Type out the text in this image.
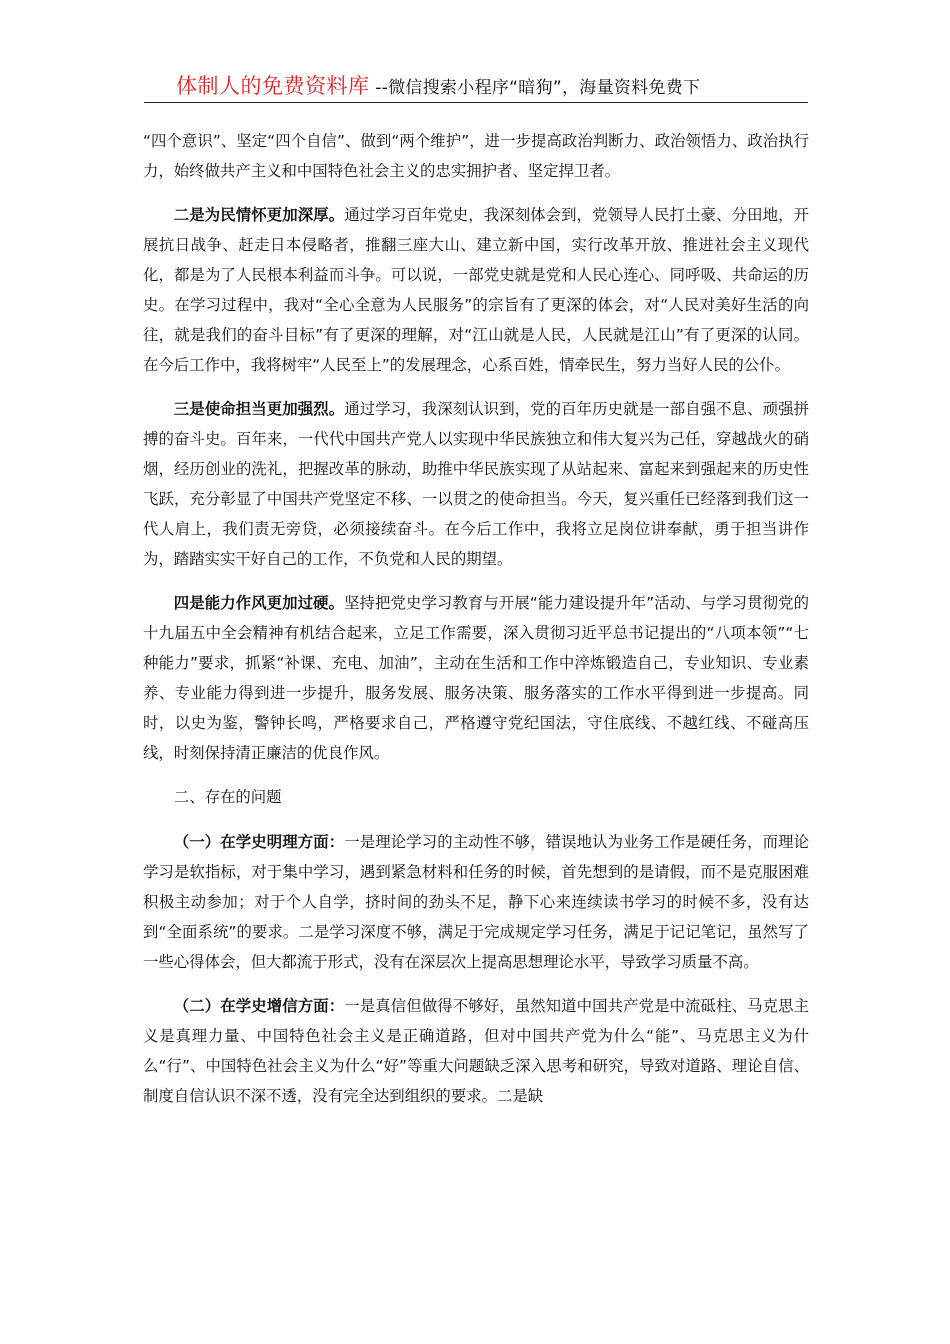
体制人的免费资料库 --微信搜索小程序“暗狗”，海量资料免费下

“四个意识”、坚定“四个自信”、做到“两个维护”，进一步提高政治判断力、政治领悟力、政治执行力，始终做共产主义和中国特色社会主义的忠实拥护者、坚定捍卫者。

二是为民情怀更加深厚。通过学习百年党史，我深刻体会到，党领导人民打土豪、分田地，开展抗日战争、赶走日本侵略者，推翻三座大山、建立新中国，实行改革开放、推进社会主义现代化，都是为了人民根本利益而斗争。可以说，一部党史就是党和人民心连心、同呼吸、共命运的历史。在学习过程中，我对“全心全意为人民服务”的宗旨有了更深的体会，对“人民对美好生活的向往，就是我们的奋斗目标”有了更深的理解，对“江山就是人民，人民就是江山”有了更深的认同。在今后工作中，我将树牢“人民至上”的发展理念，心系百姓，情牵民生，努力当好人民的公仆。

三是使命担当更加强烈。通过学习，我深刻认识到，党的百年历史就是一部自强不息、顽强拼搏的奋斗史。百年来，一代代中国共产党人以实现中华民族独立和伟大复兴为己任，穿越战火的硝烟，经历创业的洗礼，把握改革的脉动，助推中华民族实现了从站起来、富起来到强起来的历史性飞跃，充分彰显了中国共产党坚定不移、一以贯之的使命担当。今天，复兴重任已经落到我们这一代人肩上，我们责无旁贷，必须接续奋斗。在今后工作中，我将立足岗位讲奉献，勇于担当讲作为，踏踏实实干好自己的工作，不负党和人民的期望。

四是能力作风更加过硬。坚持把党史学习教育与开展“能力建设提升年”活动、与学习贯彻党的十九届五中全会精神有机结合起来，立足工作需要，深入贯彻习近平总书记提出的“八项本领”“七种能力”要求，抓紧“补课、充电、加油”，主动在生活和工作中淬炼锻造自己，专业知识、专业素养、专业能力得到进一步提升，服务发展、服务决策、服务落实的工作水平得到进一步提高。同时，以史为鉴，警钟长鸣，严格要求自己，严格遵守党纪国法，守住底线、不越红线、不碰高压线，时刻保持清正廉洁的优良作风。

二、存在的问题

（一）在学史明理方面：一是理论学习的主动性不够，错误地认为业务工作是硬任务，而理论学习是软指标，对于集中学习，遇到紧急材料和任务的时候，首先想到的是请假，而不是克服困难积极主动参加；对于个人自学，挤时间的劲头不足，静下心来连续读书学习的时候不多，没有达到“全面系统”的要求。二是学习深度不够，满足于完成规定学习任务，满足于记记笔记，虽然写了一些心得体会，但大都流于形式，没有在深层次上提高思想理论水平，导致学习质量不高。

（二）在学史增信方面：一是真信但做得不够好，虽然知道中国共产党是中流砥柱、马克思主义是真理力量、中国特色社会主义是正确道路，但对中国共产党为什么“能”、马克思主义为什么“行”、中国特色社会主义为什么“好”等重大问题缺乏深入思考和研究，导致对道路、理论自信、制度自信认识不深不透，没有完全达到组织的要求。二是缺
